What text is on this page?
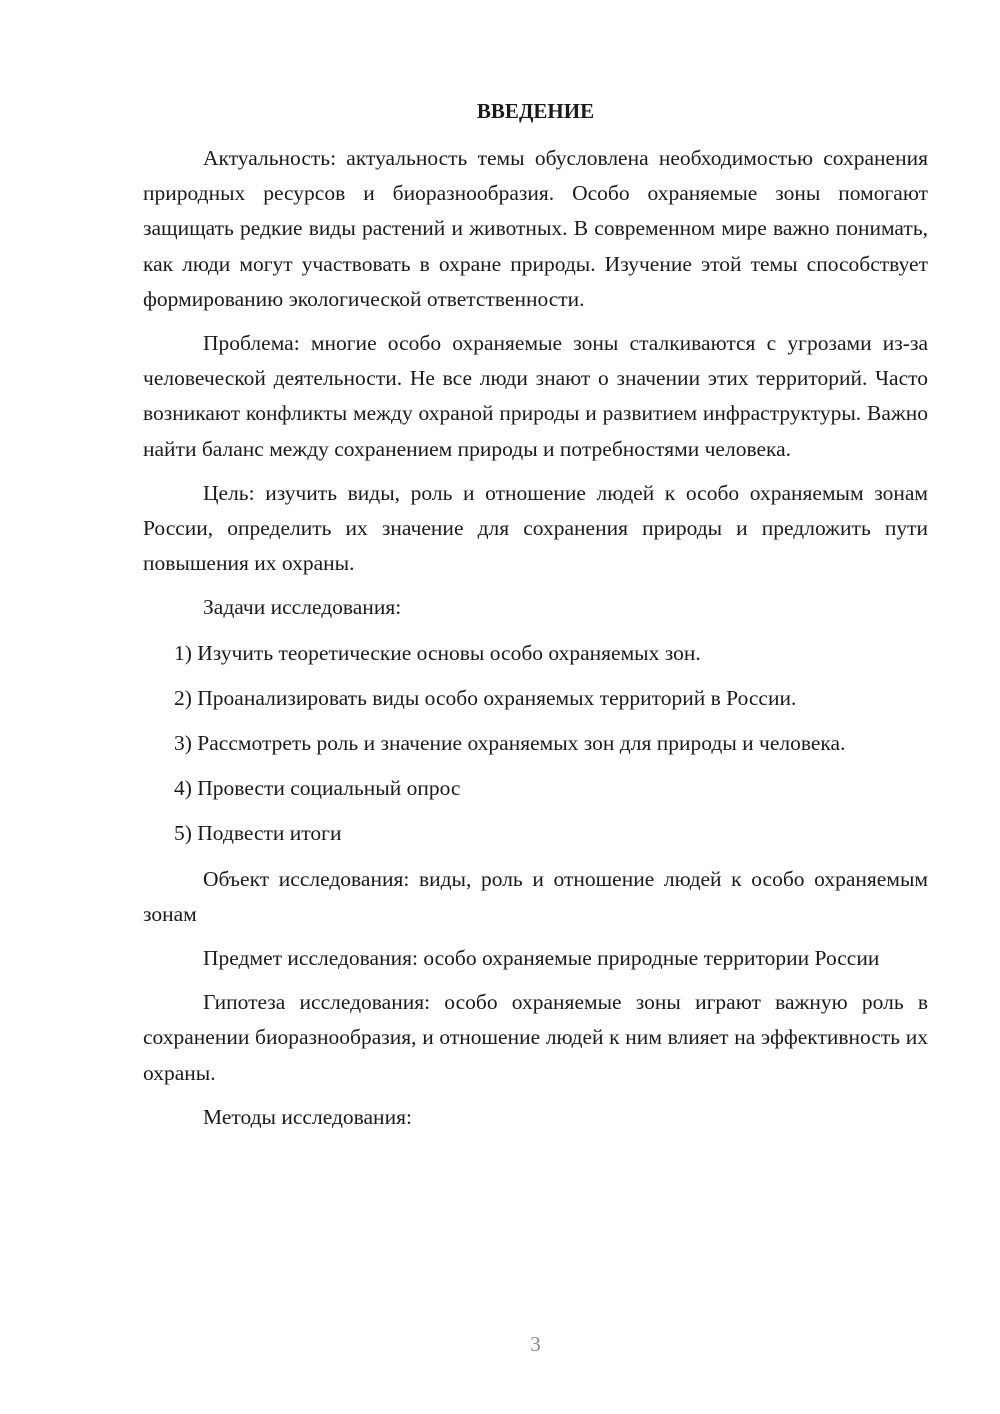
ВВЕДЕНИЕ

Актуальность: актуальность темы обусловлена необходимостью сохранения природных ресурсов и биоразнообразия. Особо охраняемые зоны помогают защищать редкие виды растений и животных. В современном мире важно понимать, как люди могут участвовать в охране природы. Изучение этой темы способствует формированию экологической ответственности.

Проблема: многие особо охраняемые зоны сталкиваются с угрозами из-за человеческой деятельности. Не все люди знают о значении этих территорий. Часто возникают конфликты между охраной природы и развитием инфраструктуры. Важно найти баланс между сохранением природы и потребностями человека.

Цель: изучить виды, роль и отношение людей к особо охраняемым зонам России, определить их значение для сохранения природы и предложить пути повышения их охраны.

Задачи исследования:

1) Изучить теоретические основы особо охраняемых зон.

2) Проанализировать виды особо охраняемых территорий в России.

3) Рассмотреть роль и значение охраняемых зон для природы и человека.

4) Провести социальный опрос

5) Подвести итоги

Объект исследования: виды, роль и отношение людей к особо охраняемым зонам

Предмет исследования: особо охраняемые природные территории России

Гипотеза исследования: особо охраняемые зоны играют важную роль в сохранении биоразнообразия, и отношение людей к ним влияет на эффективность их охраны.

Методы исследования:

3
